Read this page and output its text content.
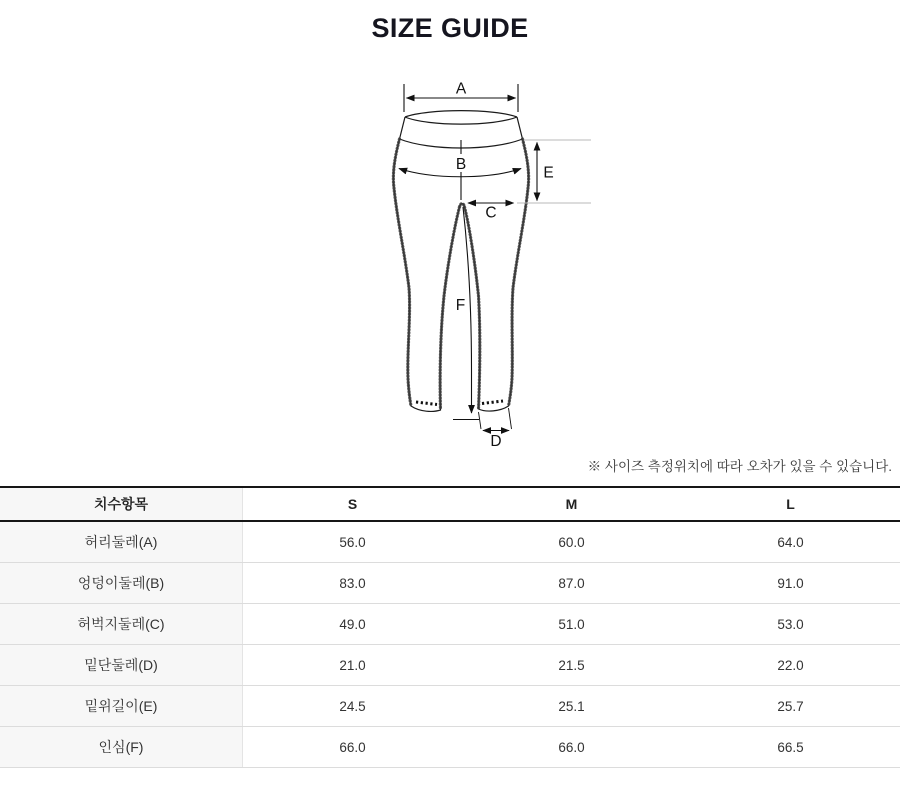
SIZE GUIDE
A
B
C
E
F
D
※ 사이즈 측정위치에 따라 오차가 있을 수 있습니다.
치수항목	S	M	L
허리둘레(A)	56.0	60.0	64.0
엉덩이둘레(B)	83.0	87.0	91.0
허벅지둘레(C)	49.0	51.0	53.0
밑단둘레(D)	21.0	21.5	22.0
밑위길이(E)	24.5	25.1	25.7
인심(F)	66.0	66.0	66.5
